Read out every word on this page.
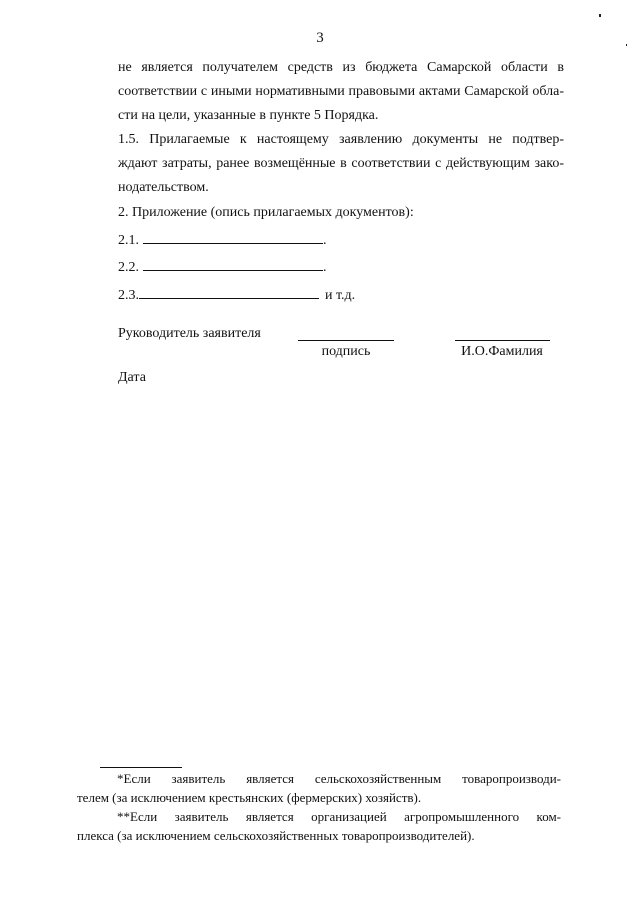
3
не является получателем средств из бюджета Самарской области в
соответствии с иными нормативными правовыми актами Самарской обла-
сти на цели, указанные в пункте 5 Порядка.
1.5. Прилагаемые к настоящему заявлению документы не подтвер-
ждают затраты, ранее возмещённые в соответствии с действующим зако-
нодательством.
2. Приложение (опись прилагаемых документов):
2.1.	.
2.2.	.
2.3.	и т.д.
Руководитель заявителя
подпись	И.О.Фамилия
Дата
*Если заявитель является сельскохозяйственным товаропроизводи-
телем (за исключением крестьянских (фермерских) хозяйств).
**Если заявитель является организацией агропромышленного ком-
плекса (за исключением сельскохозяйственных товаропроизводителей).
